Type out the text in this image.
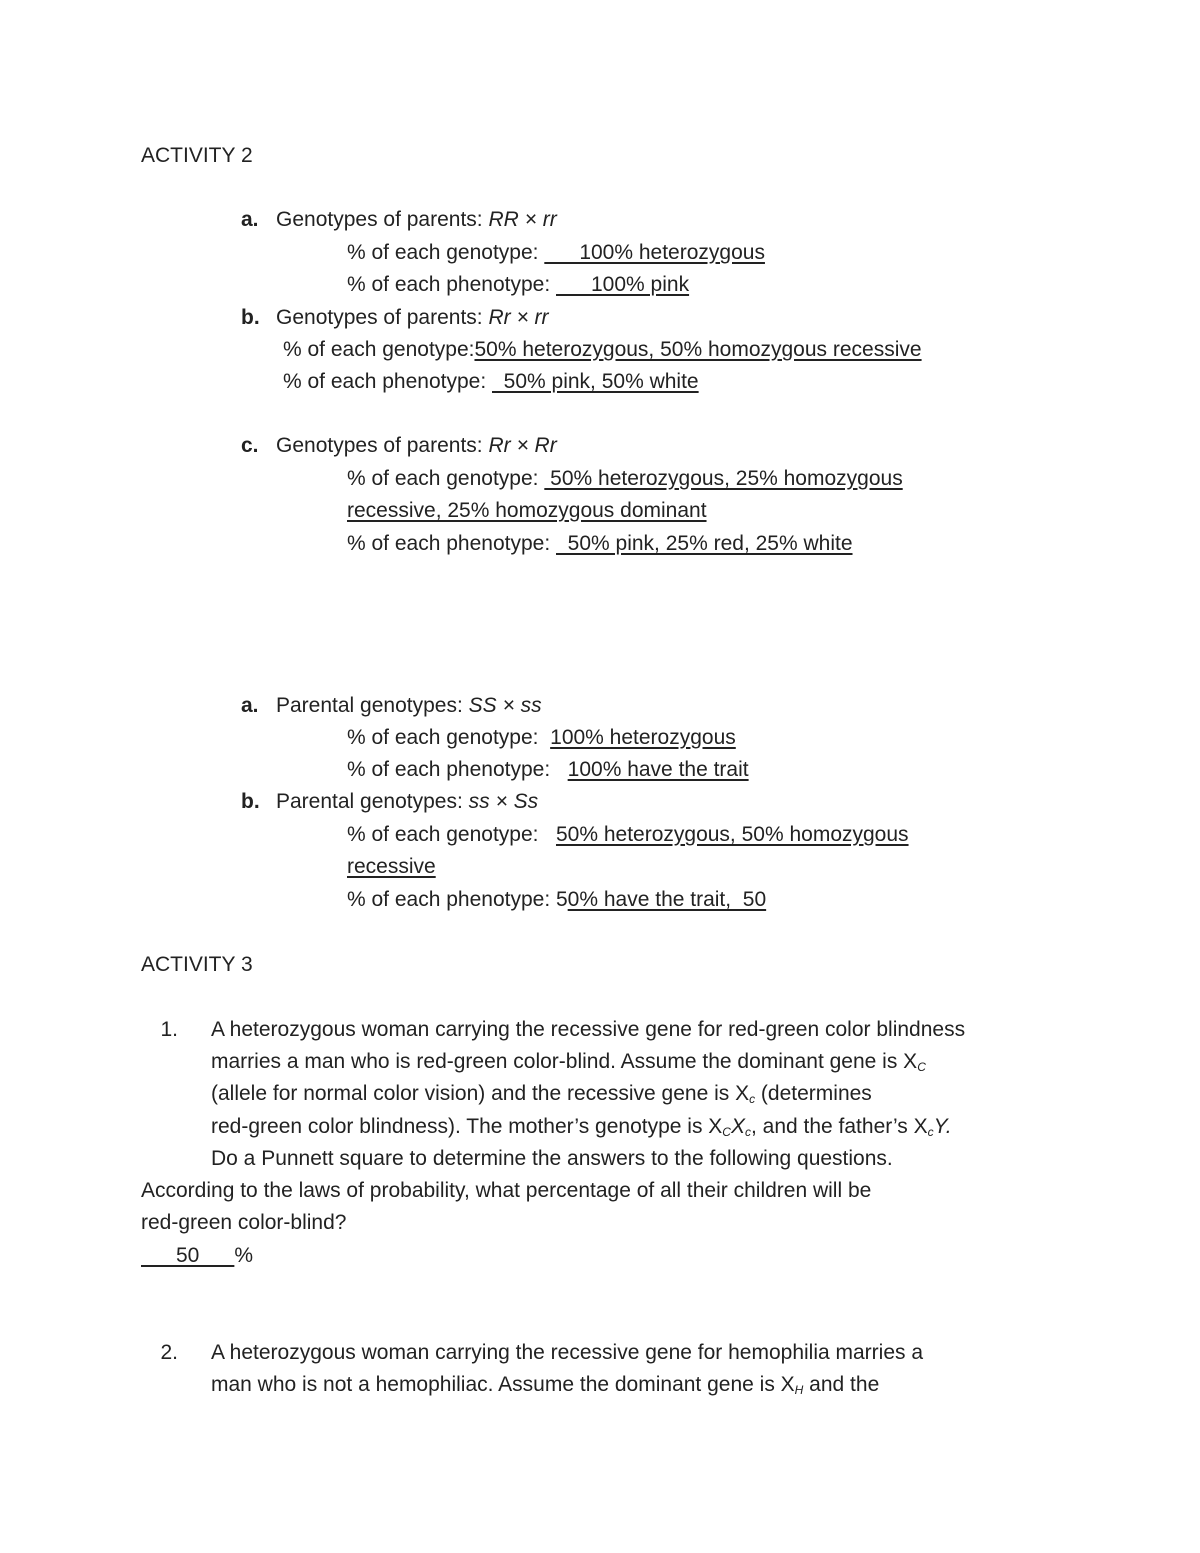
ACTIVITY 2
a. Genotypes of parents: RR × rr
% of each genotype:       100% heterozygous
% of each phenotype:       100% pink
b. Genotypes of parents: Rr × rr
% of each genotype:50% heterozygous, 50% homozygous recessive
% of each phenotype:   50% pink, 50% white
c. Genotypes of parents: Rr × Rr
% of each genotype:  50% heterozygous, 25% homozygous
recessive, 25% homozygous dominant
% of each phenotype:   50% pink, 25% red, 25% white
a. Parental genotypes: SS × ss
% of each genotype:  100% heterozygous
% of each phenotype:   100% have the trait
b. Parental genotypes: ss × Ss
% of each genotype:   50% heterozygous, 50% homozygous
recessive
% of each phenotype: 50% have the trait,  50
ACTIVITY 3
1. A heterozygous woman carrying the recessive gene for red-green color blindness
marries a man who is red-green color-blind. Assume the dominant gene is $X_C$
(allele for normal color vision) and the recessive gene is $X_c$ (determines
red-green color blindness). The mother’s genotype is $X_CX_c$, and the father’s $X_cY$.
Do a Punnett square to determine the answers to the following questions.
According to the laws of probability, what percentage of all their children will be
red-green color-blind?
50      %
2. A heterozygous woman carrying the recessive gene for hemophilia marries a
man who is not a hemophiliac. Assume the dominant gene is $X_H$ and the
